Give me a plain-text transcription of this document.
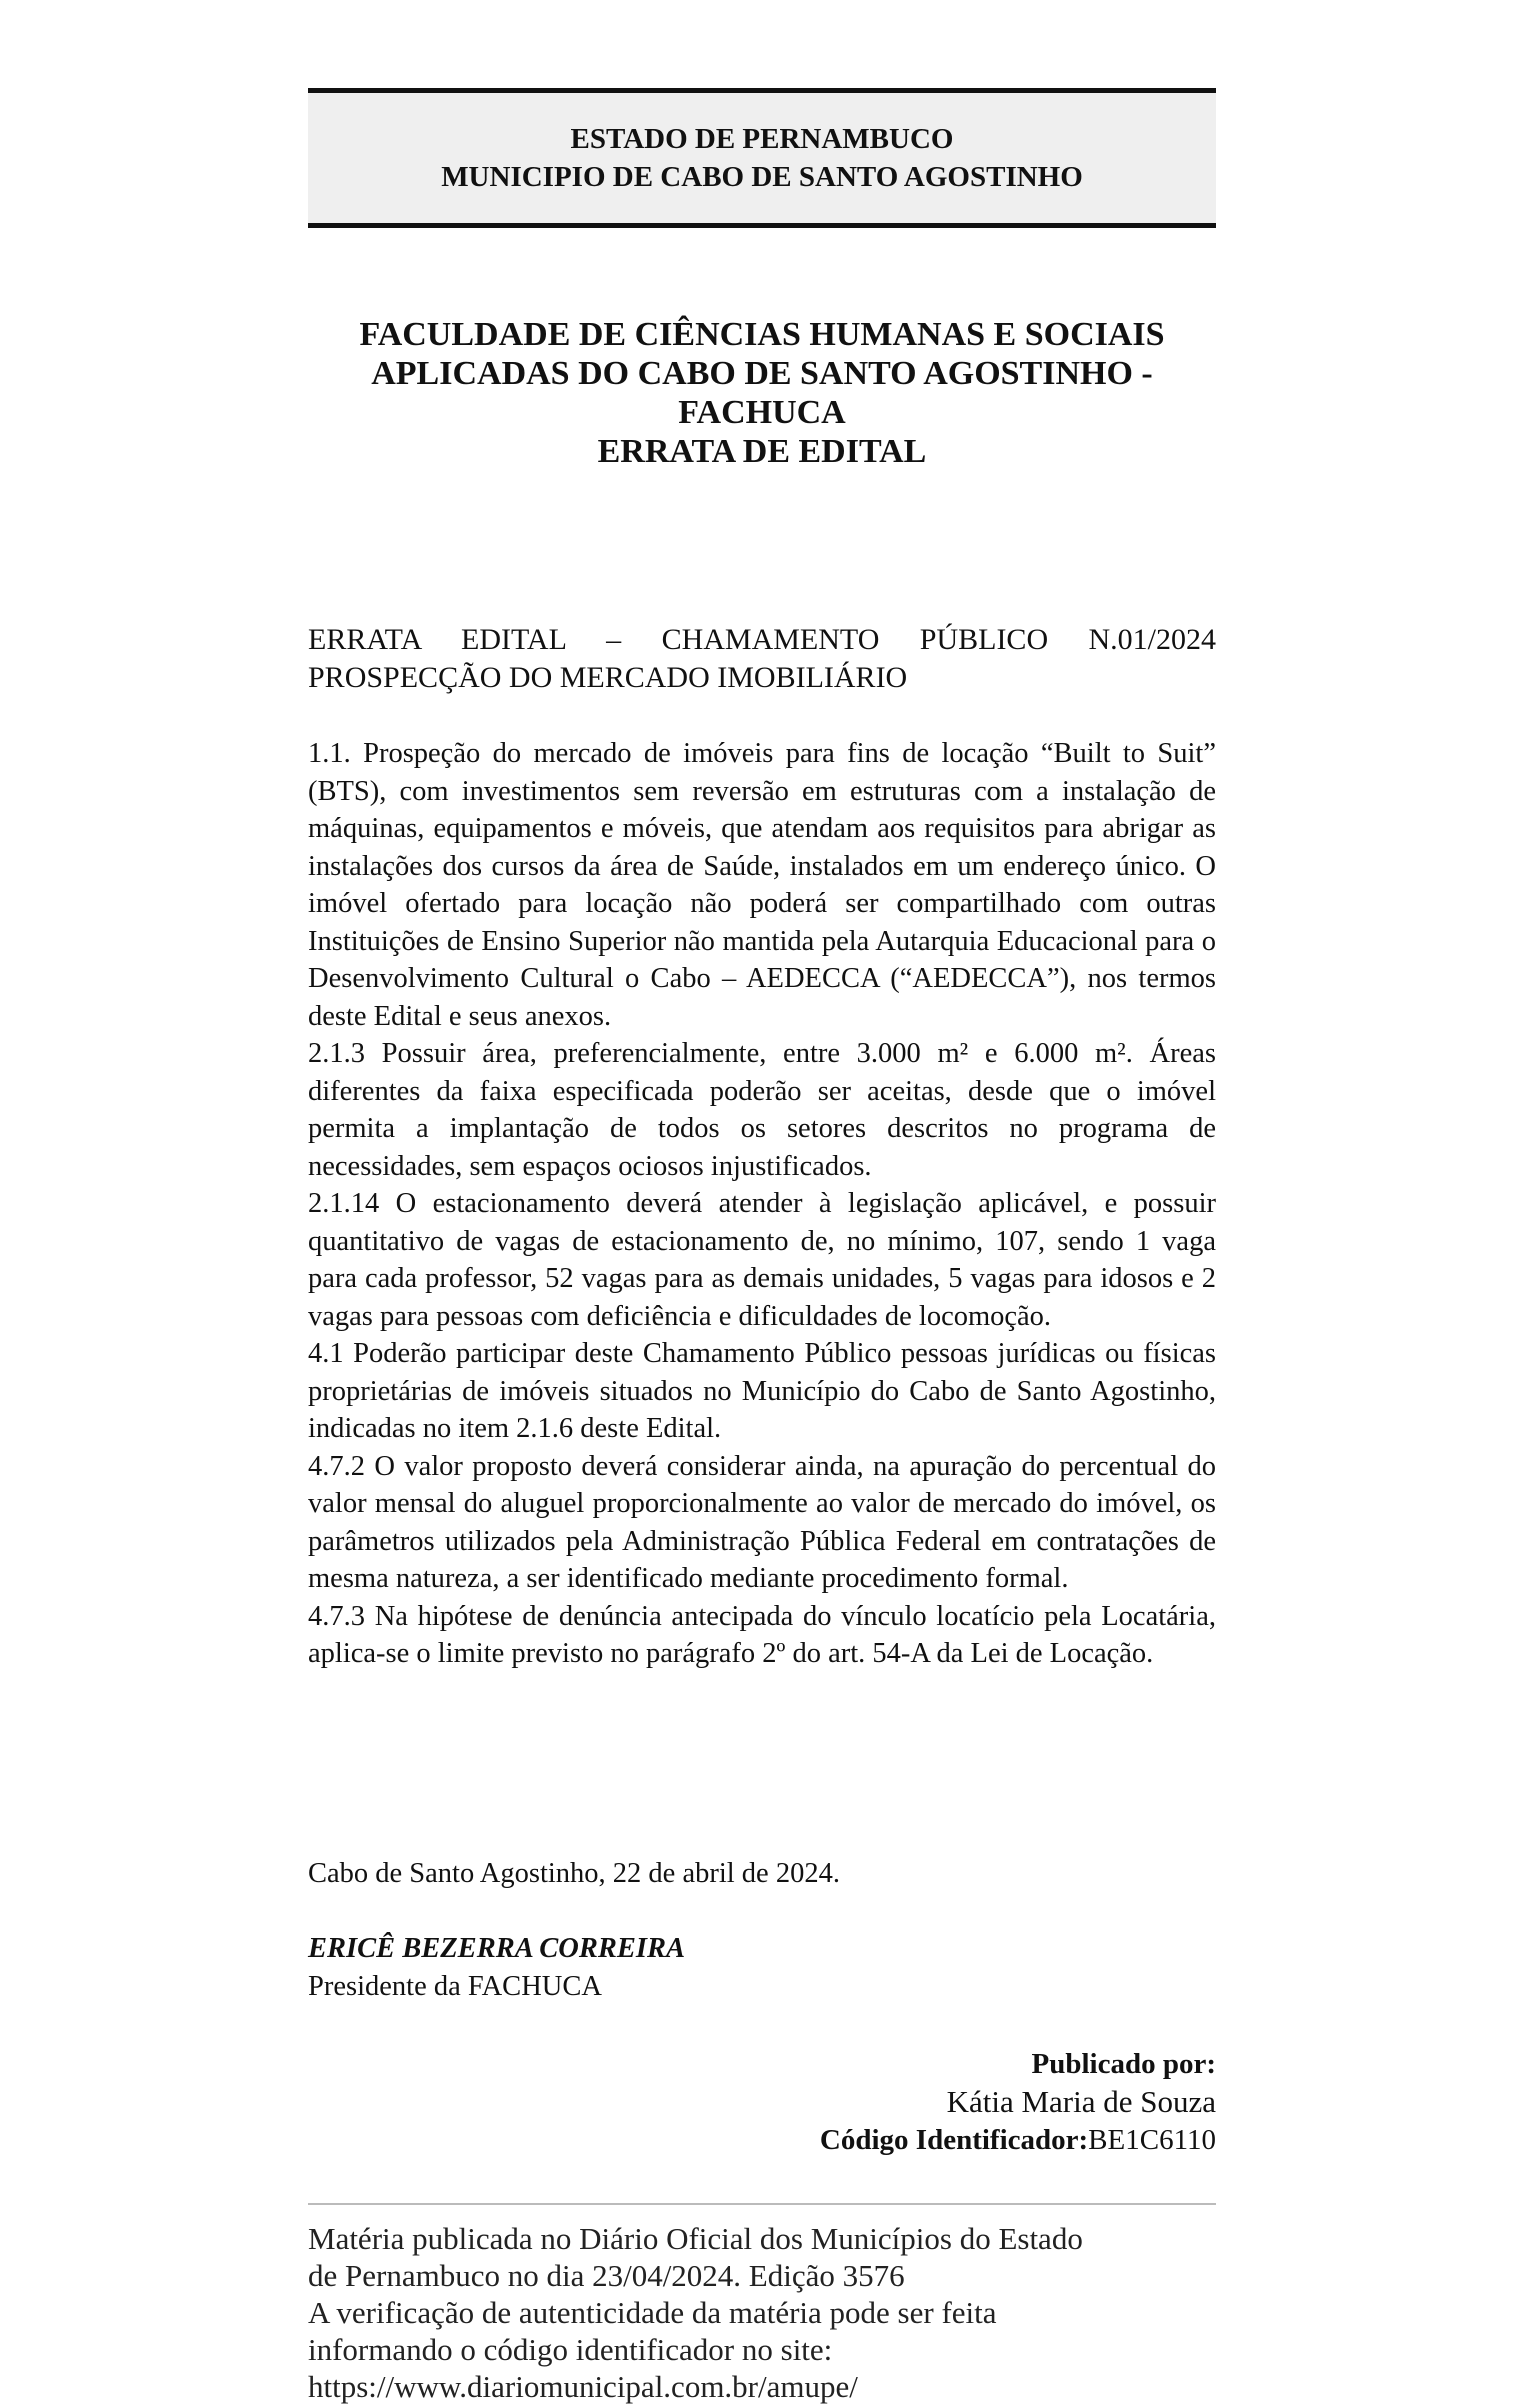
ESTADO DE PERNAMBUCO
MUNICIPIO DE CABO DE SANTO AGOSTINHO
FACULDADE DE CIÊNCIAS HUMANAS E SOCIAIS
APLICADAS DO CABO DE SANTO AGOSTINHO -
FACHUCA
ERRATA DE EDITAL
ERRATA EDITAL – CHAMAMENTO PÚBLICO N.01/2024
PROSPECÇÃO DO MERCADO IMOBILIÁRIO

1.1. Prospeção do mercado de imóveis para fins de locação “Built to Suit” (BTS), com investimentos sem reversão em estruturas com a instalação de máquinas, equipamentos e móveis, que atendam aos requisitos para abrigar as instalações dos cursos da área de Saúde, instalados em um endereço único. O imóvel ofertado para locação não poderá ser compartilhado com outras Instituições de Ensino Superior não mantida pela Autarquia Educacional para o Desenvolvimento Cultural o Cabo – AEDECCA (“AEDECCA”), nos termos deste Edital e seus anexos.

2.1.3 Possuir área, preferencialmente, entre 3.000 m² e 6.000 m². Áreas diferentes da faixa especificada poderão ser aceitas, desde que o imóvel permita a implantação de todos os setores descritos no programa de necessidades, sem espaços ociosos injustificados.

2.1.14 O estacionamento deverá atender à legislação aplicável, e possuir quantitativo de vagas de estacionamento de, no mínimo, 107, sendo 1 vaga para cada professor, 52 vagas para as demais unidades, 5 vagas para idosos e 2 vagas para pessoas com deficiência e dificuldades de locomoção.

4.1 Poderão participar deste Chamamento Público pessoas jurídicas ou físicas proprietárias de imóveis situados no Município do Cabo de Santo Agostinho, indicadas no item 2.1.6 deste Edital.

4.7.2 O valor proposto deverá considerar ainda, na apuração do percentual do valor mensal do aluguel proporcionalmente ao valor de mercado do imóvel, os parâmetros utilizados pela Administração Pública Federal em contratações de mesma natureza, a ser identificado mediante procedimento formal.

4.7.3 Na hipótese de denúncia antecipada do vínculo locatício pela Locatária, aplica-se o limite previsto no parágrafo 2º do art. 54-A da Lei de Locação.

Cabo de Santo Agostinho, 22 de abril de 2024.
ERICÊ BEZERRA CORREIRA
Presidente da FACHUCA
Publicado por:
Kátia Maria de Souza
Código Identificador:BE1C6110
Matéria publicada no Diário Oficial dos Municípios do Estado
de Pernambuco no dia 23/04/2024. Edição 3576
A verificação de autenticidade da matéria pode ser feita
informando o código identificador no site:
https://www.diariomunicipal.com.br/amupe/
